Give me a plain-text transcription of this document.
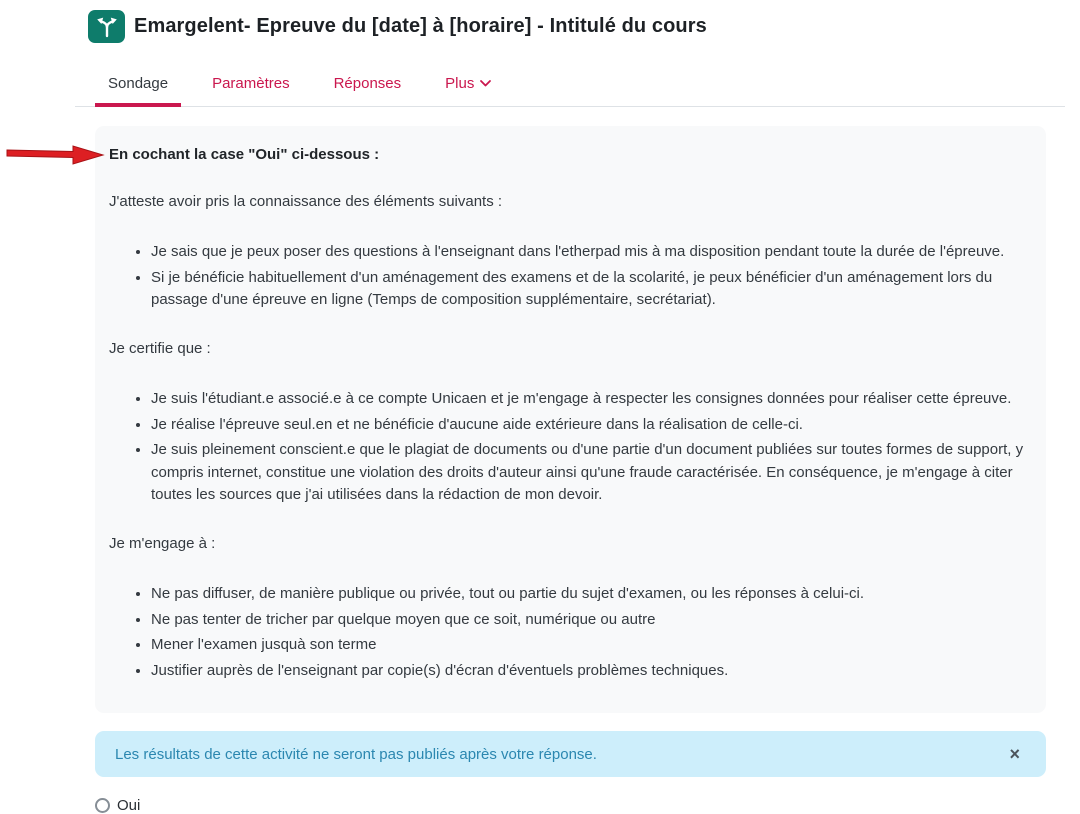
Emargelent- Epreuve du [date] à [horaire] - Intitulé du cours
Sondage	Paramètres	Réponses	Plus

En cochant la case "Oui" ci-dessous :

J'atteste avoir pris la connaissance des éléments suivants :

• Je sais que je peux poser des questions à l'enseignant dans l'etherpad mis à ma disposition pendant toute la durée de l'épreuve.
• Si je bénéficie habituellement d'un aménagement des examens et de la scolarité, je peux bénéficier d'un aménagement lors du passage d'une épreuve en ligne (Temps de composition supplémentaire, secrétariat).

Je certifie que :

• Je suis l'étudiant.e associé.e à ce compte Unicaen et je m'engage à respecter les consignes données pour réaliser cette épreuve.
• Je réalise l'épreuve seul.en et ne bénéficie d'aucune aide extérieure dans la réalisation de celle-ci.
• Je suis pleinement conscient.e que le plagiat de documents ou d'une partie d'un document publiées sur toutes formes de support, y compris internet, constitue une violation des droits d'auteur ainsi qu'une fraude caractérisée. En conséquence, je m'engage à citer toutes les sources que j'ai utilisées dans la rédaction de mon devoir.

Je m'engage à :

• Ne pas diffuser, de manière publique ou privée, tout ou partie du sujet d'examen, ou les réponses à celui-ci.
• Ne pas tenter de tricher par quelque moyen que ce soit, numérique ou autre
• Mener l'examen jusquà son terme
• Justifier auprès de l'enseignant par copie(s) d'écran d'éventuels problèmes techniques.
Les résultats de cette activité ne seront pas publiés après votre réponse.	×
Oui
